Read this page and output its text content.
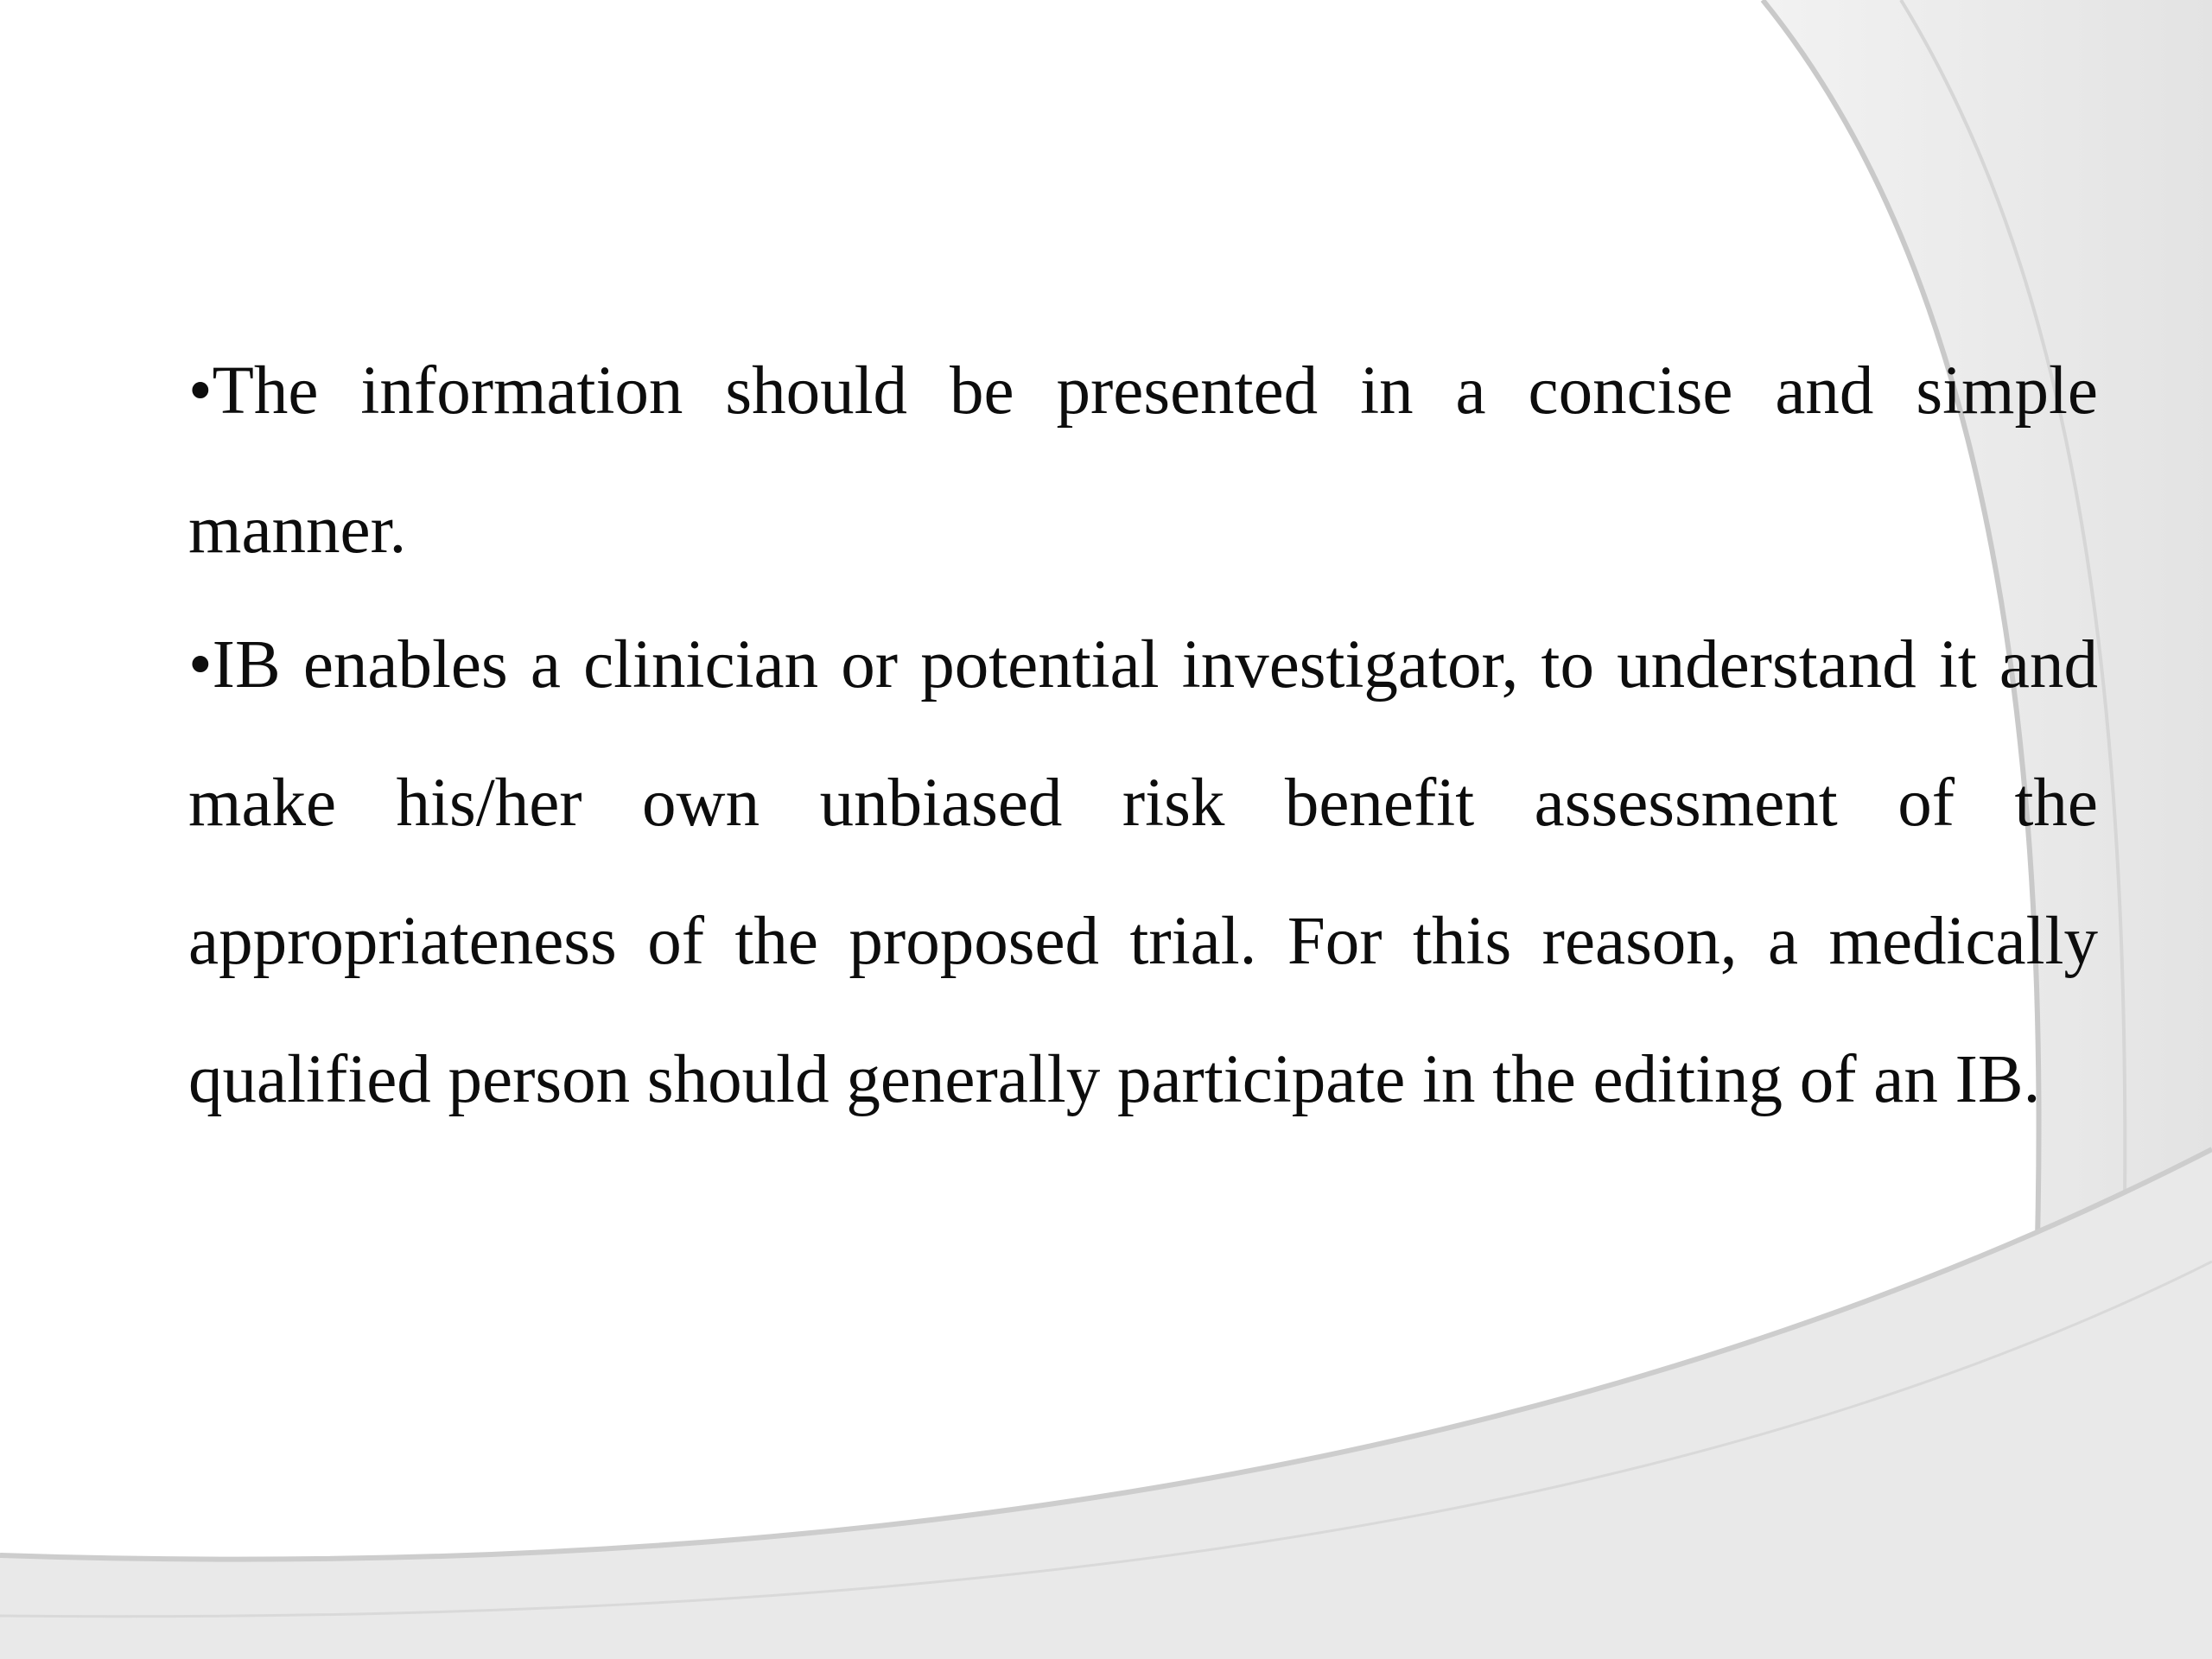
•The information should be presented in a concise and simple manner.

•IB enables a clinician or potential investigator, to understand it and make his/her own unbiased risk benefit assessment of the appropriateness of the proposed trial. For this reason, a medically qualified person should generally participate in the editing of an IB.
